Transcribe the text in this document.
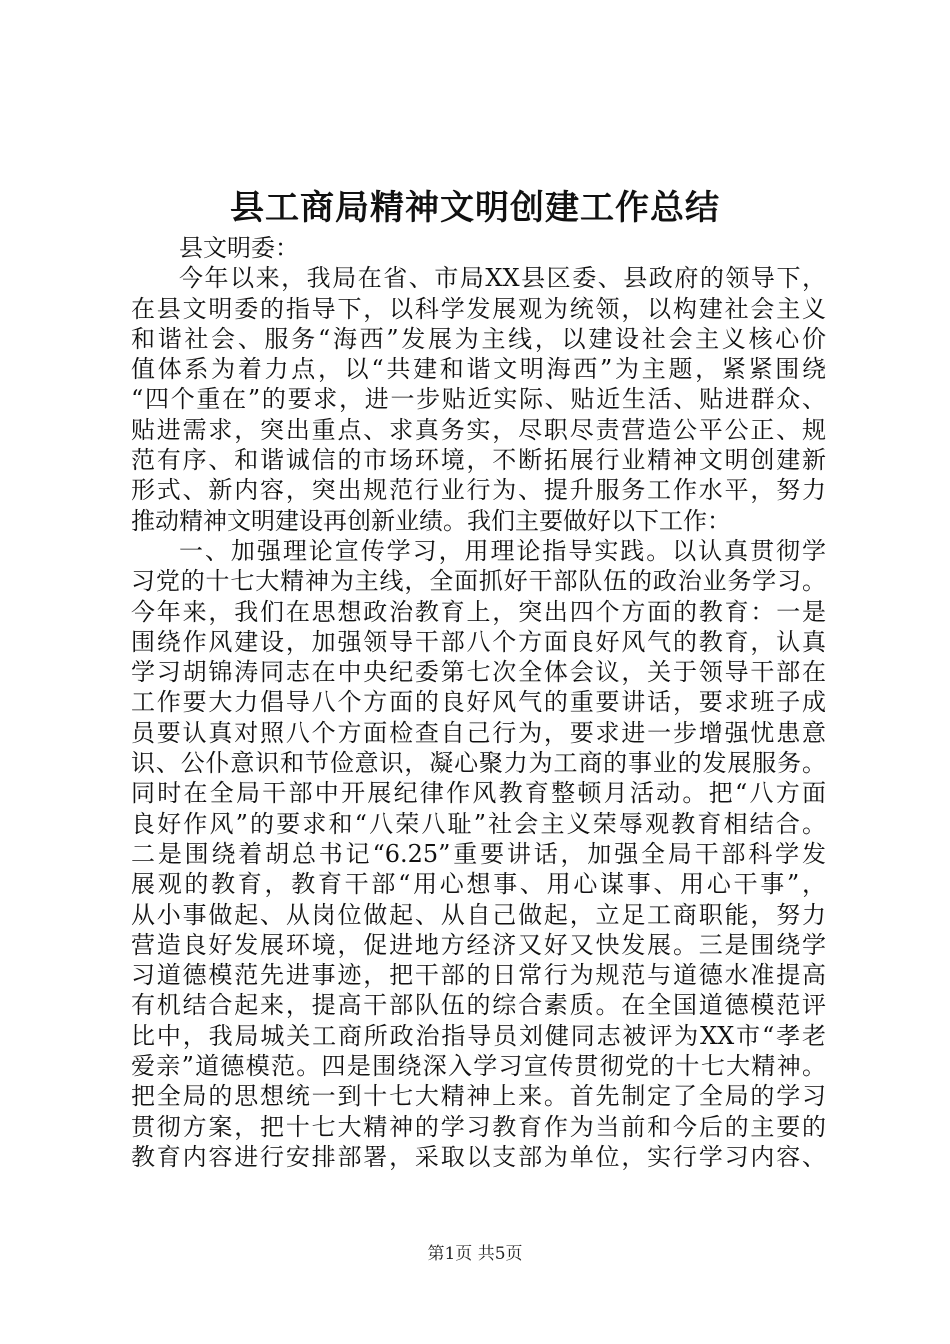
县工商局精神文明创建工作总结
县文明委：
今年以来，我局在省、市局XX县区委、县政府的领导下，
在县文明委的指导下，以科学发展观为统领，以构建社会主义
和谐社会、服务“海西”发展为主线，以建设社会主义核心价
值体系为着力点，以“共建和谐文明海西”为主题，紧紧围绕
“四个重在”的要求，进一步贴近实际、贴近生活、贴进群众、
贴进需求，突出重点、求真务实，尽职尽责营造公平公正、规
范有序、和谐诚信的市场环境，不断拓展行业精神文明创建新
形式、新内容，突出规范行业行为、提升服务工作水平，努力
推动精神文明建设再创新业绩。我们主要做好以下工作：
一、加强理论宣传学习，用理论指导实践。以认真贯彻学
习党的十七大精神为主线，全面抓好干部队伍的政治业务学习。
今年来，我们在思想政治教育上，突出四个方面的教育：一是
围绕作风建设，加强领导干部八个方面良好风气的教育，认真
学习胡锦涛同志在中央纪委第七次全体会议，关于领导干部在
工作要大力倡导八个方面的良好风气的重要讲话，要求班子成
员要认真对照八个方面检查自己行为，要求进一步增强忧患意
识、公仆意识和节俭意识，凝心聚力为工商的事业的发展服务。
同时在全局干部中开展纪律作风教育整顿月活动。把“八方面
良好作风”的要求和“八荣八耻”社会主义荣辱观教育相结合。
二是围绕着胡总书记“6.25”重要讲话，加强全局干部科学发
展观的教育，教育干部“用心想事、用心谋事、用心干事”，
从小事做起、从岗位做起、从自己做起，立足工商职能，努力
营造良好发展环境，促进地方经济又好又快发展。三是围绕学
习道德模范先进事迹，把干部的日常行为规范与道德水准提高
有机结合起来，提高干部队伍的综合素质。在全国道德模范评
比中，我局城关工商所政治指导员刘健同志被评为XX市“孝老
爱亲”道德模范。四是围绕深入学习宣传贯彻党的十七大精神。
把全局的思想统一到十七大精神上来。首先制定了全局的学习
贯彻方案，把十七大精神的学习教育作为当前和今后的主要的
教育内容进行安排部署，采取以支部为单位，实行学习内容、
第1页 共5页
